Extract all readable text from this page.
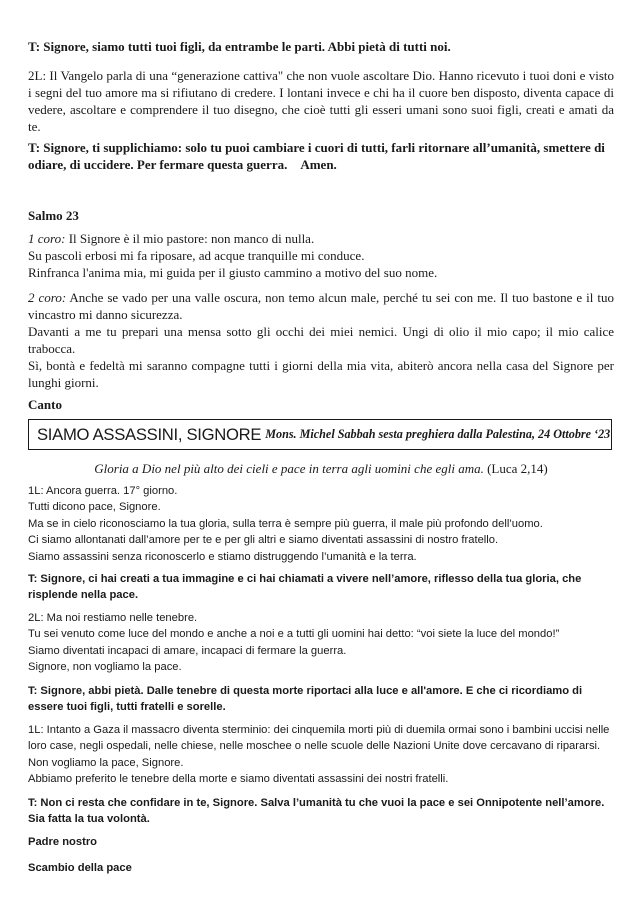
T: Signore, siamo tutti tuoi figli, da entrambe le parti. Abbi pietà di tutti noi.

2L: Il Vangelo parla di una “generazione cattiva" che non vuole ascoltare Dio. Hanno ricevuto i tuoi doni e visto i segni del tuo amore ma si rifiutano di credere. I lontani invece e chi ha il cuore ben disposto, diventa capace di vedere, ascoltare e comprendere il tuo disegno, che cioè tutti gli esseri umani sono suoi figli, creati e amati da te.

T: Signore, ti supplichiamo: solo tu puoi cambiare i cuori di tutti, farli ritornare all’umanità, smettere di odiare, di uccidere. Per fermare questa guerra. Amen.

Salmo 23

1 coro: Il Signore è il mio pastore: non manco di nulla.
Su pascoli erbosi mi fa riposare, ad acque tranquille mi conduce.
Rinfranca l'anima mia, mi guida per il giusto cammino a motivo del suo nome.
2 coro: Anche se vado per una valle oscura, non temo alcun male, perché tu sei con me. Il tuo bastone e il tuo vincastro mi danno sicurezza.
Davanti a me tu prepari una mensa sotto gli occhi dei miei nemici. Ungi di olio il mio capo; il mio calice trabocca.
Sì, bontà e fedeltà mi saranno compagne tutti i giorni della mia vita, abiterò ancora nella casa del Signore per lunghi giorni.

Canto

SIAMO ASSASSINI, SIGNORE Mons. Michel Sabbah sesta preghiera dalla Palestina, 24 Ottobre ‘23

Gloria a Dio nel più alto dei cieli e pace in terra agli uomini che egli ama. (Luca 2,14)

1L: Ancora guerra. 17° giorno.
Tutti dicono pace, Signore.
Ma se in cielo riconosciamo la tua gloria, sulla terra è sempre più guerra, il male più profondo dell’uomo.
Ci siamo allontanati dall’amore per te e per gli altri e siamo diventati assassini di nostro fratello.
Siamo assassini senza riconoscerlo e stiamo distruggendo l’umanità e la terra.

T: Signore, ci hai creati a tua immagine e ci hai chiamati a vivere nell’amore, riflesso della tua gloria, che risplende nella pace.

2L: Ma noi restiamo nelle tenebre.
Tu sei venuto come luce del mondo e anche a noi e a tutti gli uomini hai detto: “voi siete la luce del mondo!”
Siamo diventati incapaci di amare, incapaci di fermare la guerra.
Signore, non vogliamo la pace.

T: Signore, abbi pietà. Dalle tenebre di questa morte riportaci alla luce e all'amore. E che ci ricordiamo di essere tuoi figli, tutti fratelli e sorelle.

1L: Intanto a Gaza il massacro diventa sterminio: dei cinquemila morti più di duemila ormai sono i bambini uccisi nelle loro case, negli ospedali, nelle chiese, nelle moschee o nelle scuole delle Nazioni Unite dove cercavano di ripararsi.
Non vogliamo la pace, Signore.
Abbiamo preferito le tenebre della morte e siamo diventati assassini dei nostri fratelli.

T: Non ci resta che confidare in te, Signore. Salva l’umanità tu che vuoi la pace e sei Onnipotente nell’amore. Sia fatta la tua volontà.

Padre nostro

Scambio della pace
